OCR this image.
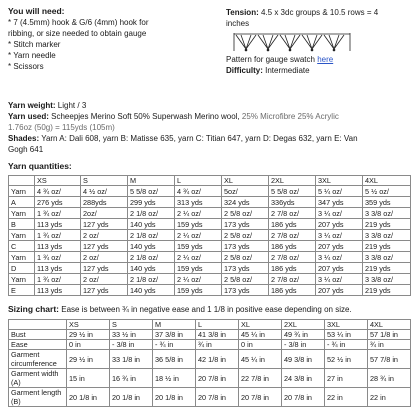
You will need:
* 7 (4.5mm) hook & G/6 (4mm) hook for
ribbing, or size needed to obtain gauge
* Stitch marker
* Yarn needle
* Scissors
Tension: 4.5 x 3dc groups & 10.5 rows = 4
inches
Pattern for gauge swatch here
Difficulty: Intermediate
Yarn weight: Light / 3
Yarn used: Scheepjes Merino Soft 50% Superwash Merino wool, 25% Microfibre 25% Acrylic
1.76oz (50g) = 115yds (105m)
Shades: Yarn A: Dali 608, yarn B: Matisse 635, yarn C: Titian 647, yarn D: Degas 632, yarn E: Van
Gogh 641
Yarn quantities:
	XS	S	M	L	XL	2XL	3XL	4XL
Yarn	4 ¾ oz/	4 ½ oz/	5 5/8 oz/	4 ¾ oz/	5oz/	5 5/8 oz/	5 ¼ oz/	5 ½ oz/
A	276 yds	288yds	299 yds	313 yds	324 yds	336yds	347 yds	359 yds
Yarn	1 ¾ oz/	2oz/	2 1/8 oz/	2 ¼ oz/	2 5/8 oz/	2 7/8 oz/	3 ¼ oz/	3 3/8 oz/
B	113 yds	127 yds	140 yds	159 yds	173 yds	186 yds	207 yds	219 yds
Yarn	1 ¾ oz/	2 oz/	2 1/8 oz/	2 ¼ oz/	2 5/8 oz/	2 7/8 oz/	3 ¼ oz/	3 3/8 oz/
C	113 yds	127 yds	140 yds	159 yds	173 yds	186 yds	207 yds	219 yds
Yarn	1 ¾ oz/	2 oz/	2 1/8 oz/	2 ¼ oz/	2 5/8 oz/	2 7/8 oz/	3 ¼ oz/	3 3/8 oz/
D	113 yds	127 yds	140 yds	159 yds	173 yds	186 yds	207 yds	219 yds
Yarn	1 ¾ oz/	2 oz/	2 1/8 oz/	2 ¼ oz/	2 5/8 oz/	2 7/8 oz/	3 ¼ oz/	3 3/8 oz/
E	113 yds	127 yds	140 yds	159 yds	173 yds	186 yds	207 yds	219 yds
Sizing chart: Ease is between ¾ in negative ease and 1 1/8 in positive ease depending on size.
	XS	S	M	L	XL	2XL	3XL	4XL
Bust	29 ½ in	33 ½ in	37 3/8 in	41 3/8 in	45 ¼ in	49 ¾ in	53 ¼ in	57 1/8 in
Ease	0 in	- 3/8 in	- ¾ in	¾ in	0 in	- 3/8 in	- ¾ in	¾ in
Garment circumference	29 ½ in	33 1/8 in	36 5/8 in	42 1/8 in	45 ¼ in	49 3/8 in	52 ½ in	57 7/8 in
Garment width (A)	15 in	16 ¾ in	18 ½ in	20 7/8 in	22 7/8 in	24 3/8 in	27 in	28 ¾ in
Garment length (B)	20 1/8 in	20 1/8 in	20 1/8 in	20 7/8 in	20 7/8 in	20 7/8 in	22 in	22 in
